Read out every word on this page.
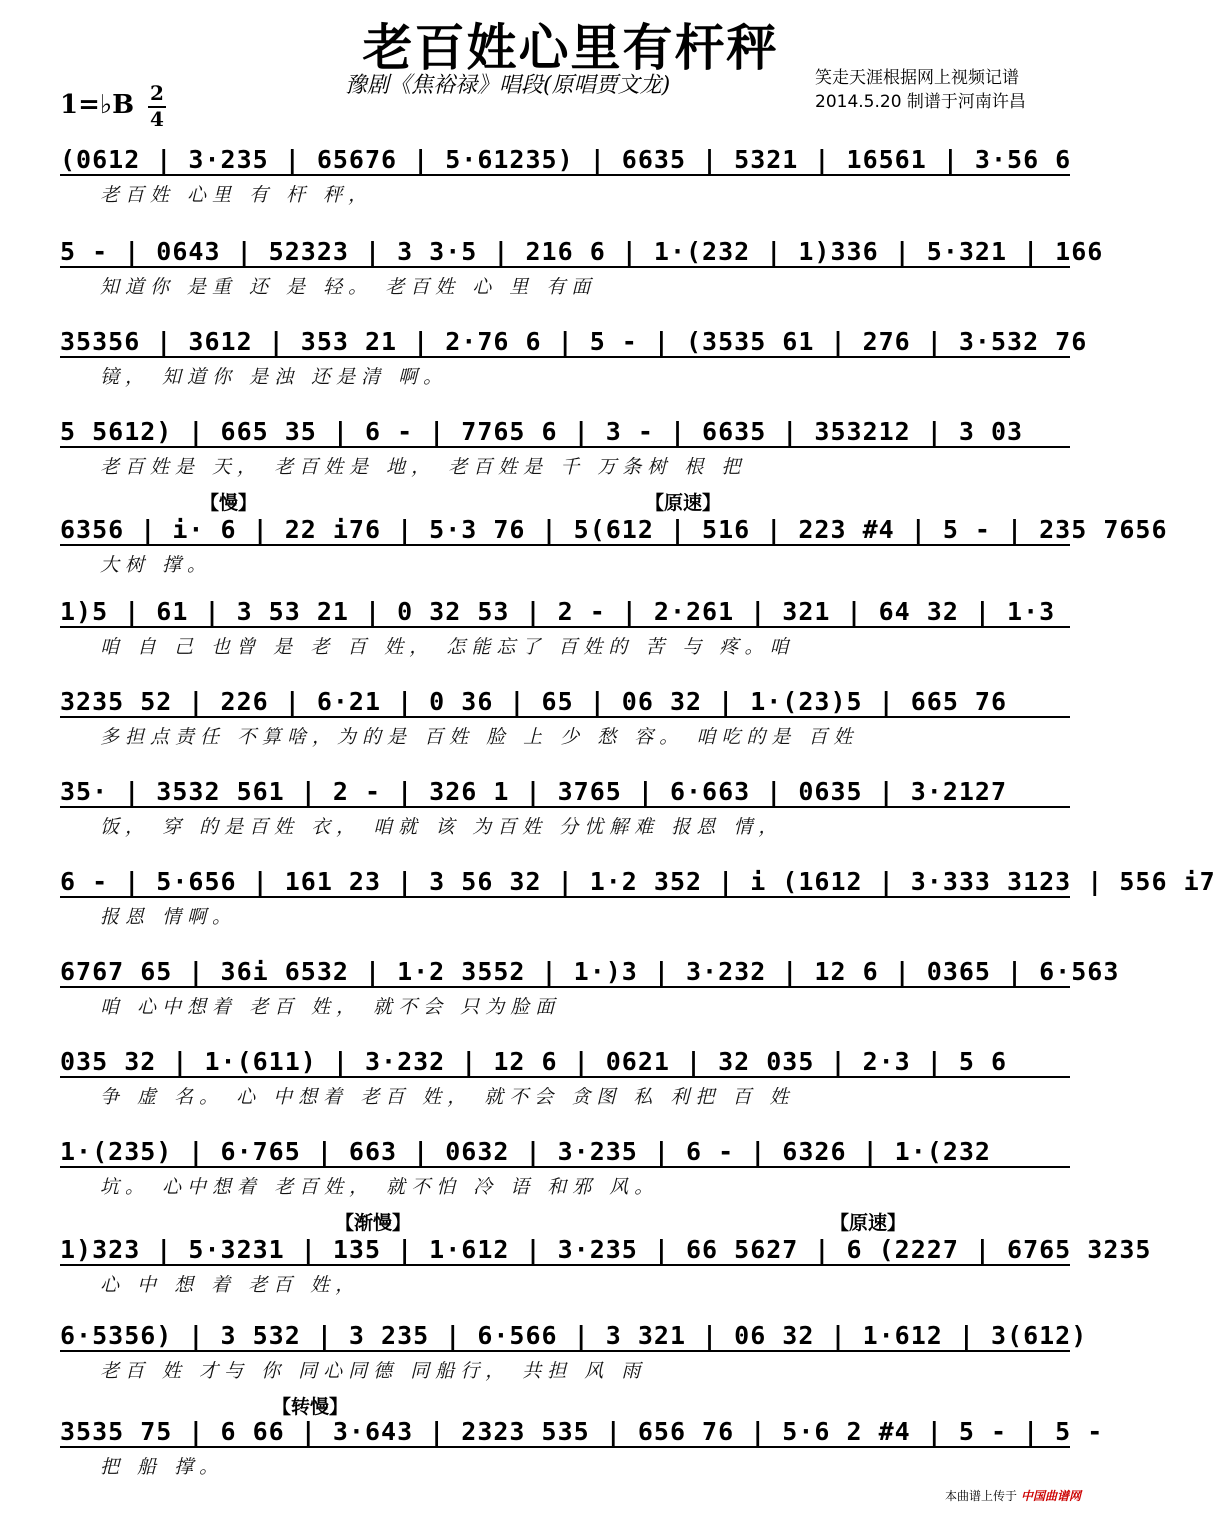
老百姓心里有杆秤
豫剧《焦裕禄》唱段(原唱贾文龙)	笑走天涯根据网上视频记谱
2014.5.20 制谱于河南许昌
1=♭B $\frac{2}{4}$
(0612 | 3·235 | 65676 | 5·61235) | 6635 | 5321 | 16561 | 3·56 6
老百姓 心里 有 杆 秤，
5 - | 0643 | 52323 | 3 3·5 | 216 6 | 1·(232 | 1)336 | 5·321 | 166
知道你 是重 还 是 轻。 老百姓 心 里 有面
35356 | 3612 | 353 21 | 2·76 6 | 5 - | (3535 61 | 276 | 3·532 76
镜， 知道你 是浊 还是清 啊。
5 5612) | 665 35 | 6 - | 7765 6 | 3 - | 6635 | 353212 | 3 03
老百姓是 天， 老百姓是 地， 老百姓是 千 万条树 根 把
【慢】	【原速】
6356 | i· 6 | 22 i76 | 5·3 76 | 5(612 | 516 | 223 #4 | 5 - | 235 7656
大树 撑。
1)5 | 61 | 3 53 21 | 0 32 53 | 2 - | 2·261 | 321 | 64 32 | 1·3
咱 自 己 也曾 是 老 百 姓， 怎能忘了 百姓的 苦 与 疼。咱
3235 52 | 226 | 6·21 | 0 36 | 65 | 06 32 | 1·(23)5 | 665 76
多担点责任 不算啥，为的是 百姓 脸 上 少 愁 容。 咱吃的是 百姓
35· | 3532 561 | 2 - | 326 1 | 3765 | 6·663 | 0635 | 3·2127
饭， 穿 的是百姓 衣， 咱就 该 为百姓 分忧解难 报恩 情，
6 - | 5·656 | 161 23 | 3 56 32 | 1·2 352 | i (1612 | 3·333 3123 | 556 i7
报恩 情啊。
6767 65 | 36i 6532 | 1·2 3552 | 1·)3 | 3·232 | 12 6 | 0365 | 6·563
咱 心中想着 老百 姓， 就不会 只为脸面
035 32 | 1·(611) | 3·232 | 12 6 | 0621 | 32 035 | 2·3 | 5 6
争 虚 名。 心 中想着 老百 姓， 就不会 贪图 私 利把 百 姓
1·(235) | 6·765 | 663 | 0632 | 3·235 | 6 - | 6326 | 1·(232
坑。 心中想着 老百姓， 就不怕 冷 语 和邪 风。
【渐慢】	【原速】
1)323 | 5·3231 | 135 | 1·612 | 3·235 | 66 5627 | 6 (2227 | 6765 3235
心 中 想 着 老百 姓，
6·5356) | 3 532 | 3 235 | 6·566 | 3 321 | 06 32 | 1·612 | 3(612)
老百 姓 才与 你 同心同德 同船行， 共担 风 雨
【转慢】
3535 75 | 6 66 | 3·643 | 2323 535 | 656 76 | 5·6 2 #4 | 5 - | 5 -
把 船 撑。
本曲谱上传于 中国曲谱网
